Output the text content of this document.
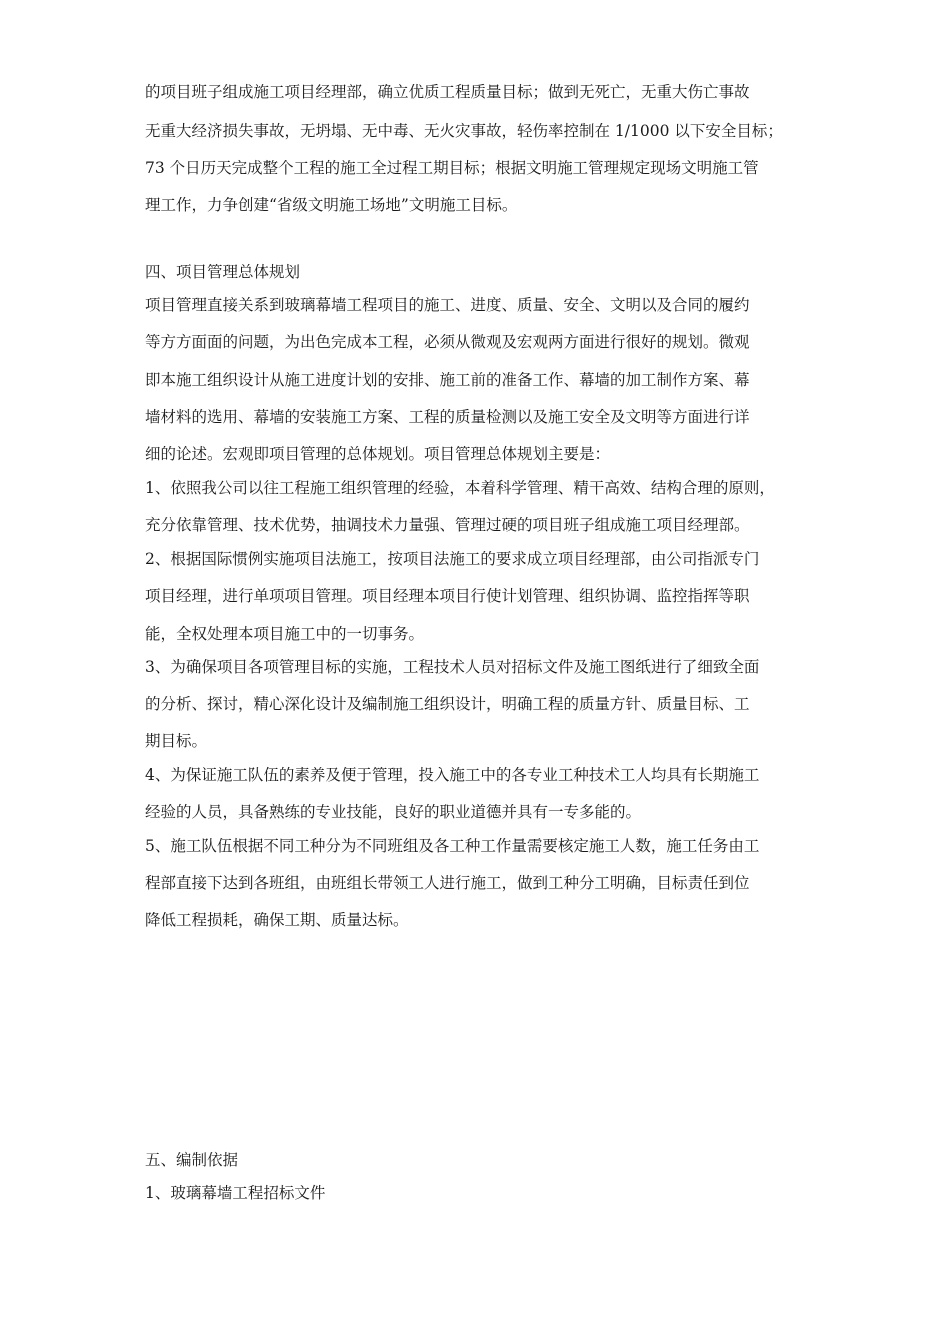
的项目班子组成施工项目经理部，确立优质工程质量目标；做到无死亡，无重大伤亡事故
无重大经济损失事故，无坍塌、无中毒、无火灾事故，轻伤率控制在 1/1000 以下安全目标；
73 个日历天完成整个工程的施工全过程工期目标；根据文明施工管理规定现场文明施工管
理工作，力争创建“省级文明施工场地”文明施工目标。
四、项目管理总体规划
项目管理直接关系到玻璃幕墙工程项目的施工、进度、质量、安全、文明以及合同的履约
等方方面面的问题，为出色完成本工程，必须从微观及宏观两方面进行很好的规划。微观
即本施工组织设计从施工进度计划的安排、施工前的准备工作、幕墙的加工制作方案、幕
墙材料的选用、幕墙的安装施工方案、工程的质量检测以及施工安全及文明等方面进行详
细的论述。宏观即项目管理的总体规划。项目管理总体规划主要是：
1、依照我公司以往工程施工组织管理的经验，本着科学管理、精干高效、结构合理的原则，
充分依靠管理、技术优势，抽调技术力量强、管理过硬的项目班子组成施工项目经理部。
2、根据国际惯例实施项目法施工，按项目法施工的要求成立项目经理部，由公司指派专门
项目经理，进行单项项目管理。项目经理本项目行使计划管理、组织协调、监控指挥等职
能，全权处理本项目施工中的一切事务。
3、为确保项目各项管理目标的实施，工程技术人员对招标文件及施工图纸进行了细致全面
的分析、探讨，精心深化设计及编制施工组织设计，明确工程的质量方针、质量目标、工
期目标。
4、为保证施工队伍的素养及便于管理，投入施工中的各专业工种技术工人均具有长期施工
经验的人员，具备熟练的专业技能，良好的职业道德并具有一专多能的。
5、施工队伍根据不同工种分为不同班组及各工种工作量需要核定施工人数，施工任务由工
程部直接下达到各班组，由班组长带领工人进行施工，做到工种分工明确，目标责任到位
降低工程损耗，确保工期、质量达标。
五、编制依据
1、玻璃幕墙工程招标文件
